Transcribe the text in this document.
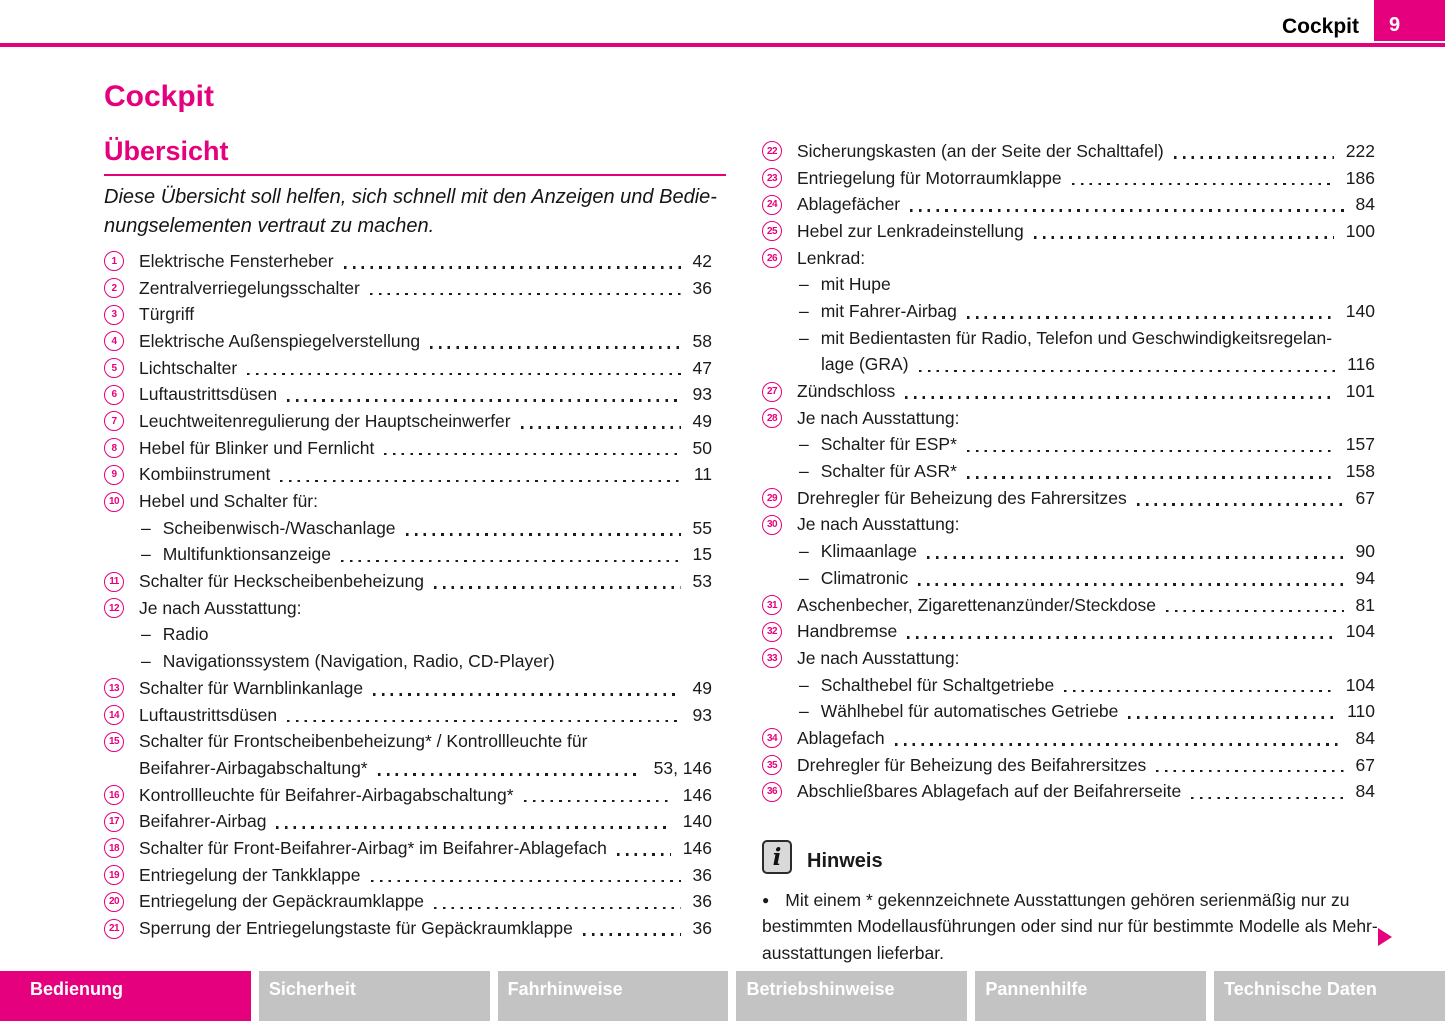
Cockpit	9
Cockpit
Übersicht
Diese Übersicht soll helfen, sich schnell mit den Anzeigen und Bedie-
nungselementen vertraut zu machen.
1	Elektrische Fensterheber	42
2	Zentralverriegelungsschalter	36
3	Türgriff
4	Elektrische Außenspiegelverstellung	58
5	Lichtschalter	47
6	Luftaustrittsdüsen	93
7	Leuchtweitenregulierung der Hauptscheinwerfer	49
8	Hebel für Blinker und Fernlicht	50
9	Kombiinstrument	11
10 Hebel und Schalter für:
– Scheibenwisch-/Waschanlage	55
– Multifunktionsanzeige	15
11 Schalter für Heckscheibenbeheizung	53
12 Je nach Ausstattung:
– Radio
– Navigationssystem (Navigation, Radio, CD-Player)
13 Schalter für Warnblinkanlage	49
14 Luftaustrittsdüsen	93
15 Schalter für Frontscheibenbeheizung* / Kontrollleuchte für
Beifahrer-Airbagabschaltung*	53, 146
16 Kontrollleuchte für Beifahrer-Airbagabschaltung*	146
17 Beifahrer-Airbag	140
18 Schalter für Front-Beifahrer-Airbag* im Beifahrer-Ablagefach	146
19 Entriegelung der Tankklappe	36
20 Entriegelung der Gepäckraumklappe	36
21 Sperrung der Entriegelungstaste für Gepäckraumklappe	36
22 Sicherungskasten (an der Seite der Schalttafel)	222
23 Entriegelung für Motorraumklappe	186
24 Ablagefächer	84
25 Hebel zur Lenkradeinstellung	100
26 Lenkrad:
– mit Hupe
– mit Fahrer-Airbag	140
– mit Bedientasten für Radio, Telefon und Geschwindigkeitsregelan-
lage (GRA)	116
27 Zündschloss	101
28 Je nach Ausstattung:
– Schalter für ESP*	157
– Schalter für ASR*	158
29 Drehregler für Beheizung des Fahrersitzes	67
30 Je nach Ausstattung:
– Klimaanlage	90
– Climatronic	94
31 Aschenbecher, Zigarettenanzünder/Steckdose	81
32 Handbremse	104
33 Je nach Ausstattung:
– Schalthebel für Schaltgetriebe	104
– Wählhebel für automatisches Getriebe	110
34 Ablagefach	84
35 Drehregler für Beheizung des Beifahrersitzes	67
36 Abschließbares Ablagefach auf der Beifahrerseite	84
i	Hinweis
● Mit einem * gekennzeichnete Ausstattungen gehören serienmäßig nur zu
bestimmten Modellausführungen oder sind nur für bestimmte Modelle als Mehr-
ausstattungen lieferbar.
Bedienung	Sicherheit	Fahrhinweise	Betriebshinweise	Pannenhilfe	Technische Daten
